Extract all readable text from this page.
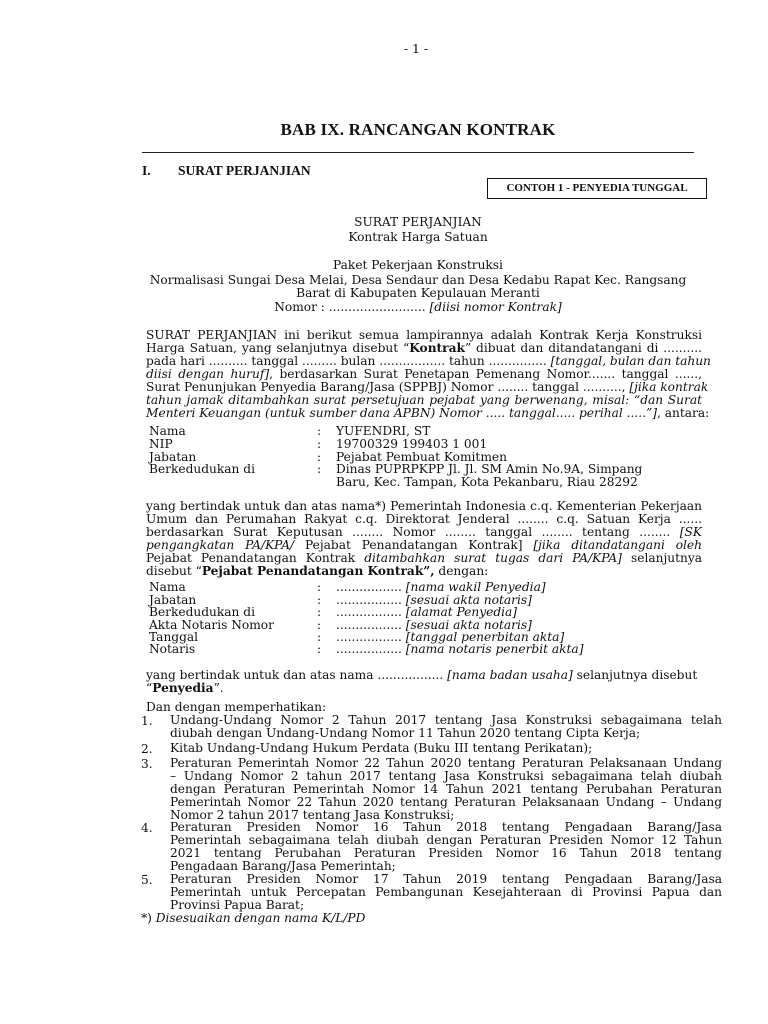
- 1 -
BAB IX. RANCANGAN KONTRAK
I. SURAT PERJANJIAN
CONTOH 1 - PENYEDIA TUNGGAL
SURAT PERJANJIAN
Kontrak Harga Satuan
Paket Pekerjaan Konstruksi
Normalisasi Sungai Desa Melai, Desa Sendaur dan Desa Kedabu Rapat Kec. Rangsang
Barat di Kabupaten Kepulauan Meranti
Nomor : ......................... [diisi nomor Kontrak]
SURAT PERJANJIAN ini berikut semua lampirannya adalah Kontrak Kerja Konstruksi
Harga Satuan, yang selanjutnya disebut “Kontrak” dibuat dan ditandatangani di ..........
pada hari .......... tanggal ......... bulan ................. tahun ............... [tanggal, bulan dan tahun
diisi dengan huruf], berdasarkan Surat Penetapan Pemenang Nomor....... tanggal ......,
Surat Penunjukan Penyedia Barang/Jasa (SPPBJ) Nomor ........ tanggal .........., [jika kontrak
tahun jamak ditambahkan surat persetujuan pejabat yang berwenang, misal: “dan Surat
Menteri Keuangan (untuk sumber dana APBN) Nomor ..... tanggal..... perihal .....”], antara:
Nama	: YUFENDRI, ST
NIP	: 19700329 199403 1 001
Jabatan	: Pejabat Pembuat Komitmen
Berkedudukan di	: Dinas PUPRPKPP Jl. Jl. SM Amin No.9A, Simpang
Baru, Kec. Tampan, Kota Pekanbaru, Riau 28292
yang bertindak untuk dan atas nama*) Pemerintah Indonesia c.q. Kementerian Pekerjaan
Umum dan Perumahan Rakyat c.q. Direktorat Jenderal ........ c.q. Satuan Kerja ......
berdasarkan Surat Keputusan ........ Nomor ........ tanggal ........ tentang ........ [SK
pengangkatan PA/KPA/ Pejabat Penandatangan Kontrak] [jika ditandatangani oleh
Pejabat Penandatangan Kontrak ditambahkan surat tugas dari PA/KPA] selanjutnya
disebut “Pejabat Penandatangan Kontrak”, dengan:
Nama	: ................. [nama wakil Penyedia]
Jabatan	: ................. [sesuai akta notaris]
Berkedudukan di	: ................. [alamat Penyedia]
Akta Notaris Nomor	: ................. [sesuai akta notaris]
Tanggal	: ................. [tanggal penerbitan akta]
Notaris	: ................. [nama notaris penerbit akta]
yang bertindak untuk dan atas nama ................. [nama badan usaha] selanjutnya disebut
“Penyedia”.
Dan dengan memperhatikan:
1. Undang-Undang Nomor 2 Tahun 2017 tentang Jasa Konstruksi sebagaimana telah
diubah dengan Undang-Undang Nomor 11 Tahun 2020 tentang Cipta Kerja;
2. Kitab Undang-Undang Hukum Perdata (Buku III tentang Perikatan);
3. Peraturan Pemerintah Nomor 22 Tahun 2020 tentang Peraturan Pelaksanaan Undang
– Undang Nomor 2 tahun 2017 tentang Jasa Konstruksi sebagaimana telah diubah
dengan Peraturan Pemerintah Nomor 14 Tahun 2021 tentang Perubahan Peraturan
Pemerintah Nomor 22 Tahun 2020 tentang Peraturan Pelaksanaan Undang – Undang
Nomor 2 tahun 2017 tentang Jasa Konstruksi;
4. Peraturan Presiden Nomor 16 Tahun 2018 tentang Pengadaan Barang/Jasa
Pemerintah sebagaimana telah diubah dengan Peraturan Presiden Nomor 12 Tahun
2021 tentang Perubahan Peraturan Presiden Nomor 16 Tahun 2018 tentang
Pengadaan Barang/Jasa Pemerintah;
5. Peraturan Presiden Nomor 17 Tahun 2019 tentang Pengadaan Barang/Jasa
Pemerintah untuk Percepatan Pembangunan Kesejahteraan di Provinsi Papua dan
Provinsi Papua Barat;
*) Disesuaikan dengan nama K/L/PD
